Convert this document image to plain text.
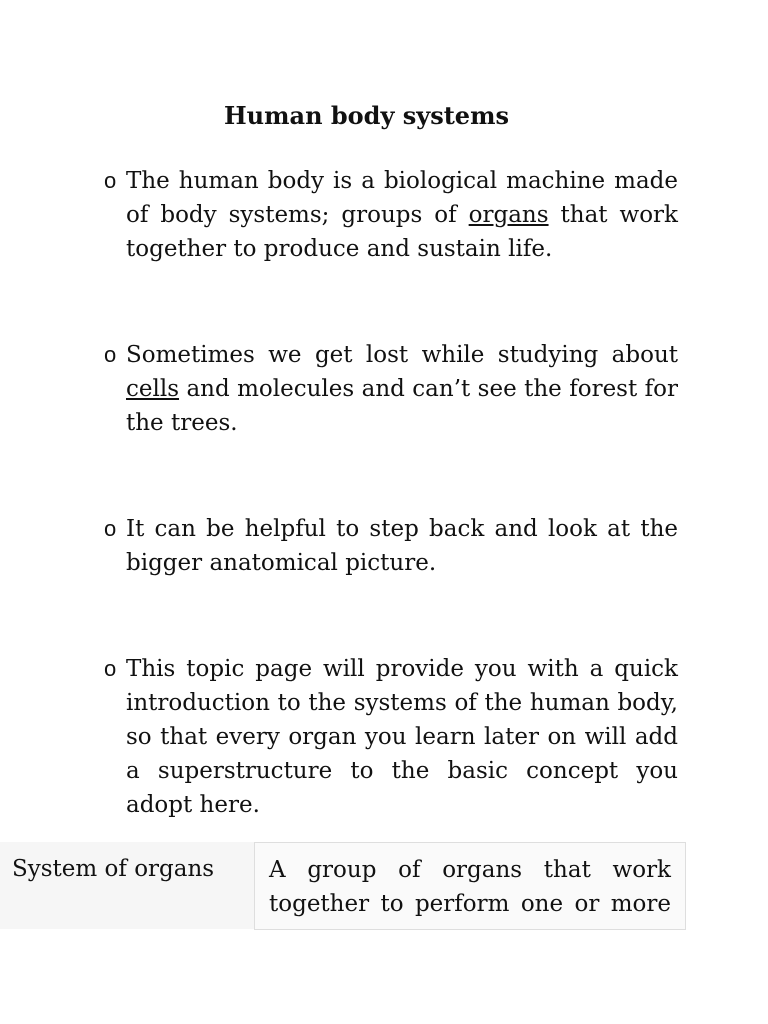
Human body systems
o The human body is a biological machine made of body systems; groups of organs that work together to produce and sustain life.
o Sometimes we get lost while studying about cells and molecules and can’t see the forest for the trees.
o It can be helpful to step back and look at the bigger anatomical picture.
o This topic page will provide you with a quick introduction to the systems of the human body, so that every organ you learn later on will add a superstructure to the basic concept you adopt here.
System of organs	A group of organs that work together to perform one or more
